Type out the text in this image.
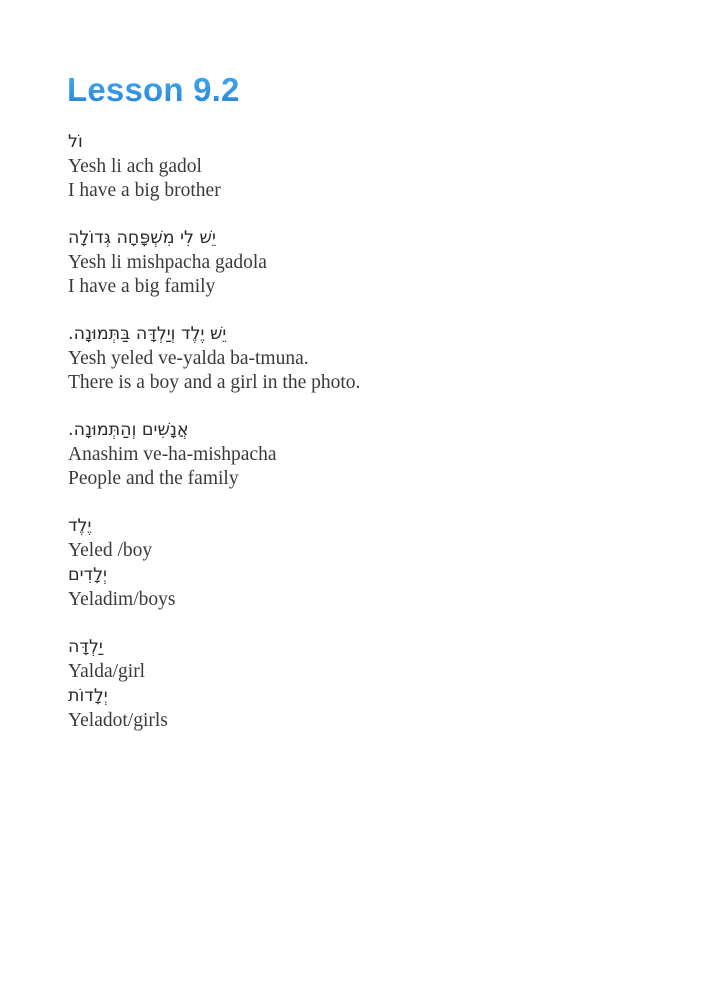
Lesson 9.2
וֹל
Yesh li ach gadol
I have a big brother
יֵשׁ לִי מִשְׁפָּחָה גְּדוֹלָה
Yesh li mishpacha gadola
I have a big family
יֵשׁ יֶלֶד וְיַלְדָּה בַּתְּמוּנָה.
Yesh yeled ve-yalda ba-tmuna.
There is a boy and a girl in the photo.
אֲנָשִׁים וְהַתְּמוּנָה.
Anashim ve-ha-mishpacha
People and the family
יֶלֶד
Yeled /boy
יְלָדִים
Yeladim/boys
יַלְדָּה
Yalda/girl
יְלָדוֹת
Yeladot/girls
